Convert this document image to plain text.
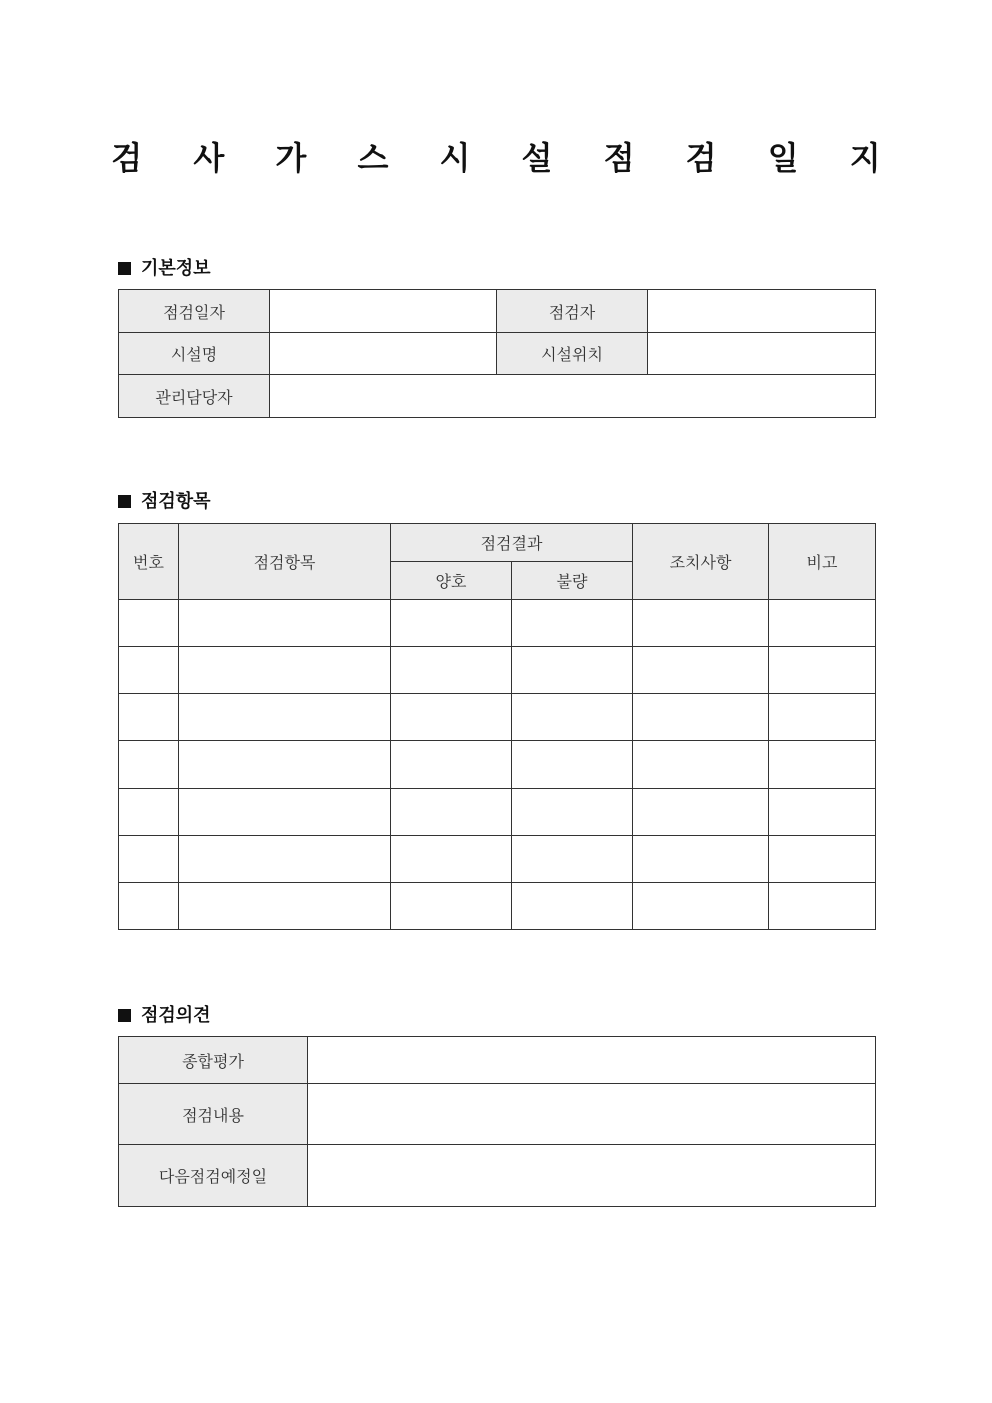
검 사 가 스 시 설 점 검 일 지
기본정보
점검일자		점검자	
시설명		시설위치	
관리담당자			
점검항목
번호	점검항목	점검결과		조치사항	비고
		양호	불량		

점검의견
종합평가	
점검내용	
다음점검예정일	
